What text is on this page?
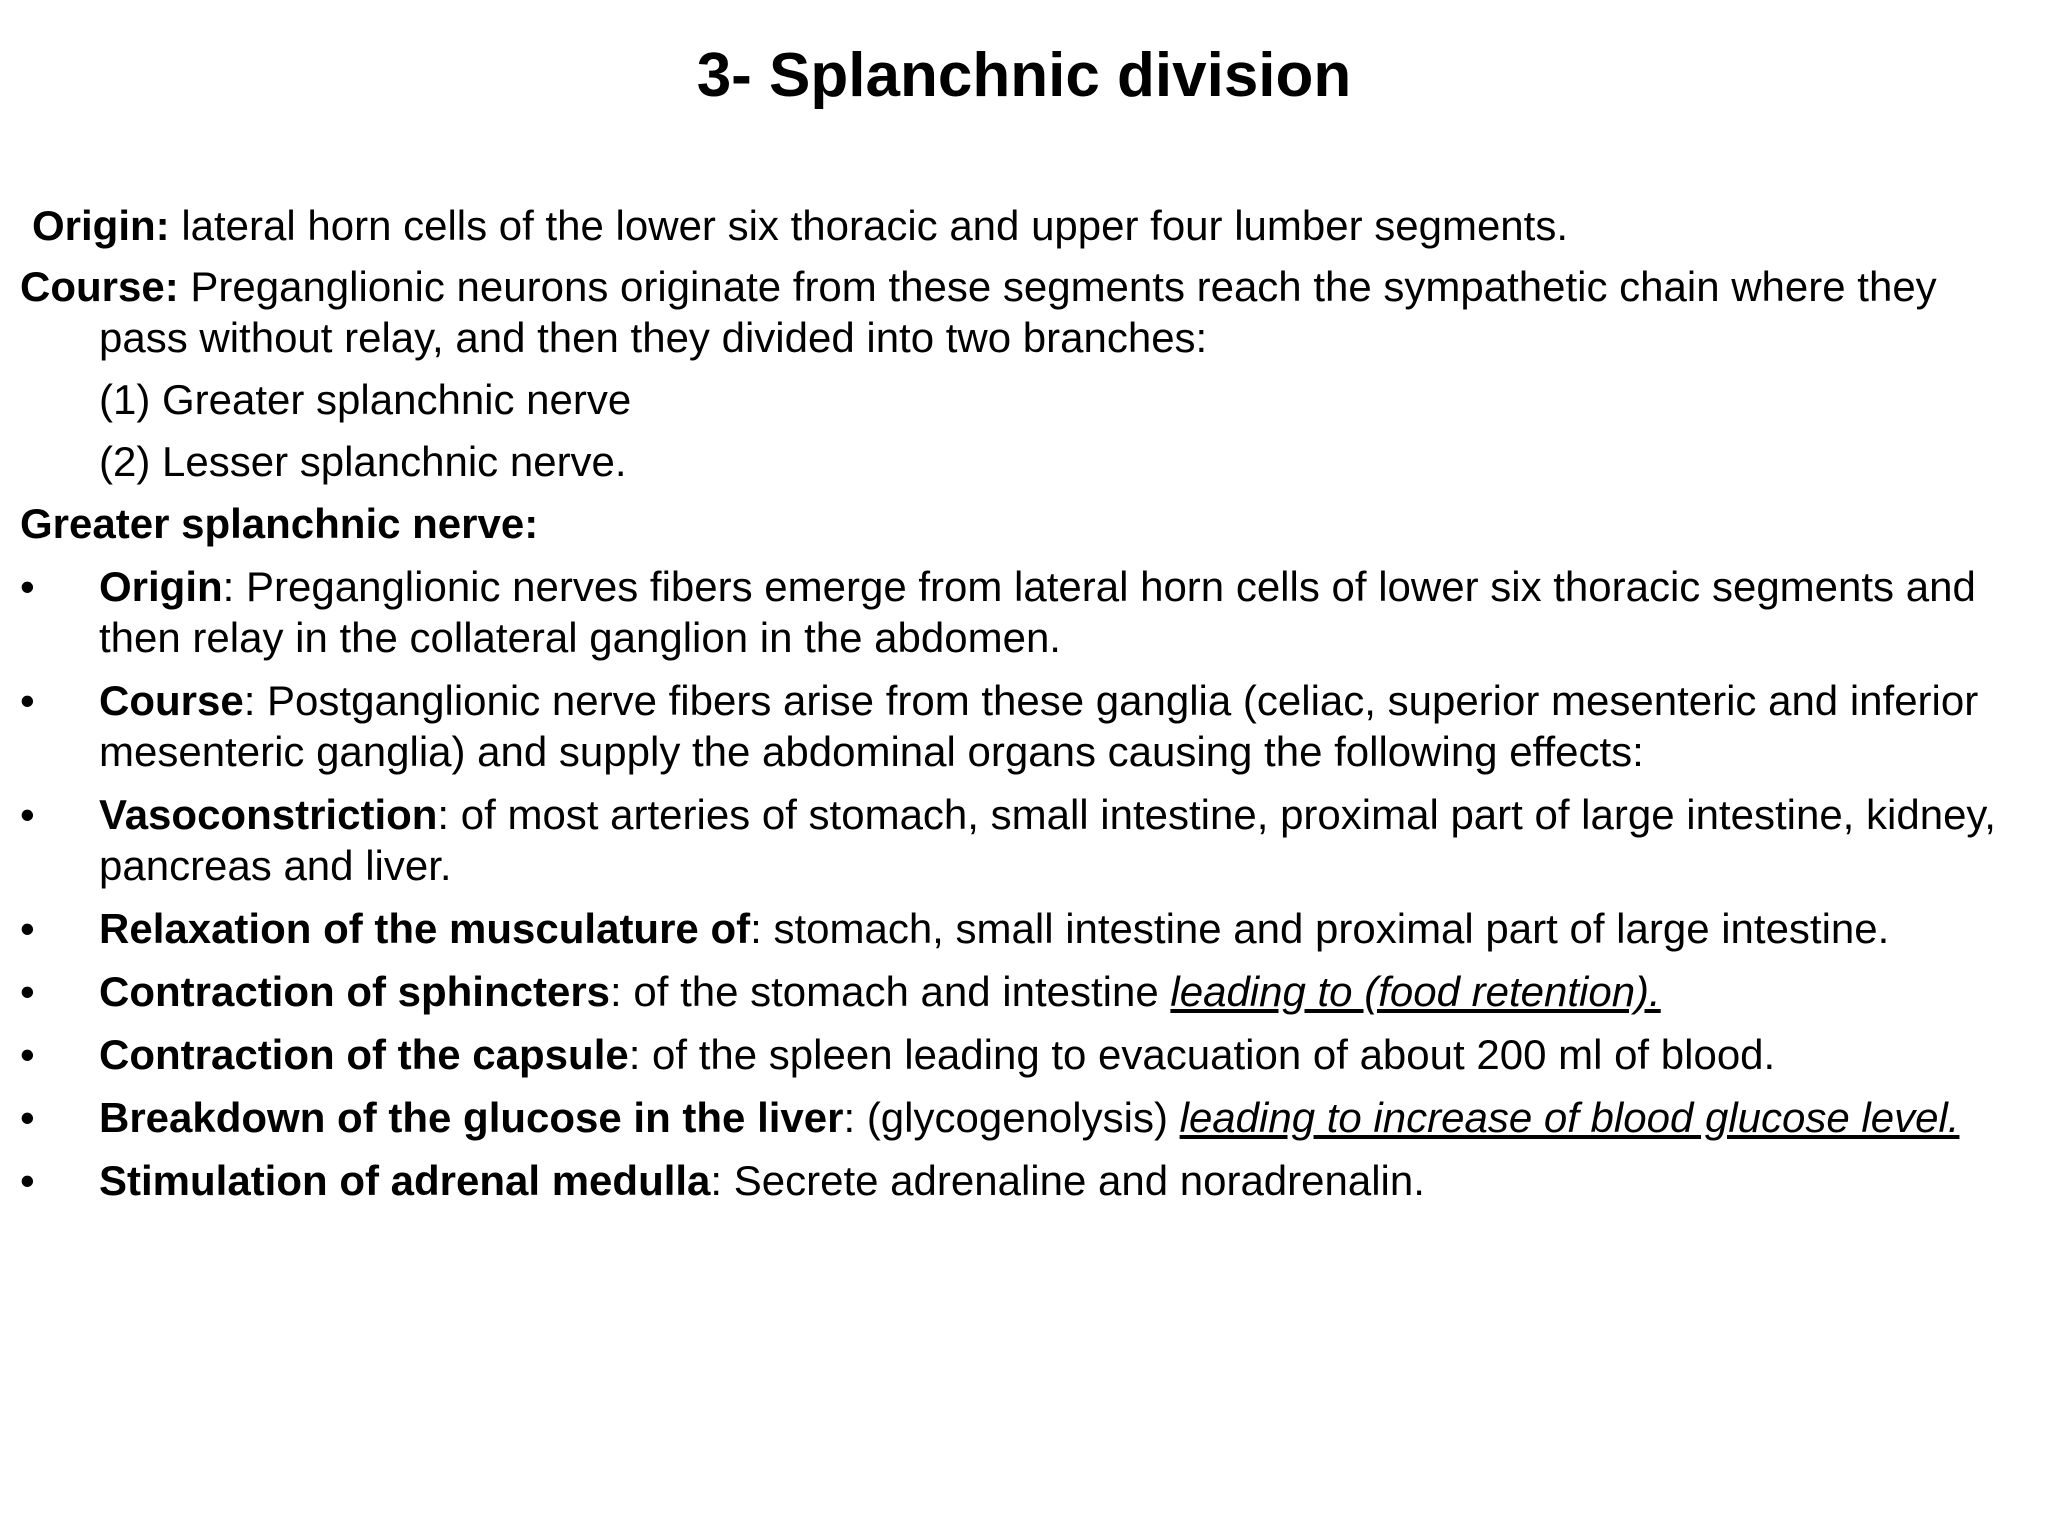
3- Splanchnic division

Origin: lateral horn cells of the lower six thoracic and upper four lumber segments.

Course: Preganglionic neurons originate from these segments reach the sympathetic chain where they pass without relay, and then they divided into two branches:

(1) Greater splanchnic nerve

(2) Lesser splanchnic nerve.

Greater splanchnic nerve:

•	Origin: Preganglionic nerves fibers emerge from lateral horn cells of lower six thoracic segments and then relay in the collateral ganglion in the abdomen.
•	Course: Postganglionic nerve fibers arise from these ganglia (celiac, superior mesenteric and inferior mesenteric ganglia) and supply the abdominal organs causing the following effects:
•	Vasoconstriction: of most arteries of stomach, small intestine, proximal part of large intestine, kidney, pancreas and liver.
•	Relaxation of the musculature of: stomach, small intestine and proximal part of large intestine.
•	Contraction of sphincters: of the stomach and intestine leading to (food retention).
•	Contraction of the capsule: of the spleen leading to evacuation of about 200 ml of blood.
•	Breakdown of the glucose in the liver: (glycogenolysis) leading to increase of blood glucose level.
•	Stimulation of adrenal medulla: Secrete adrenaline and noradrenalin.
